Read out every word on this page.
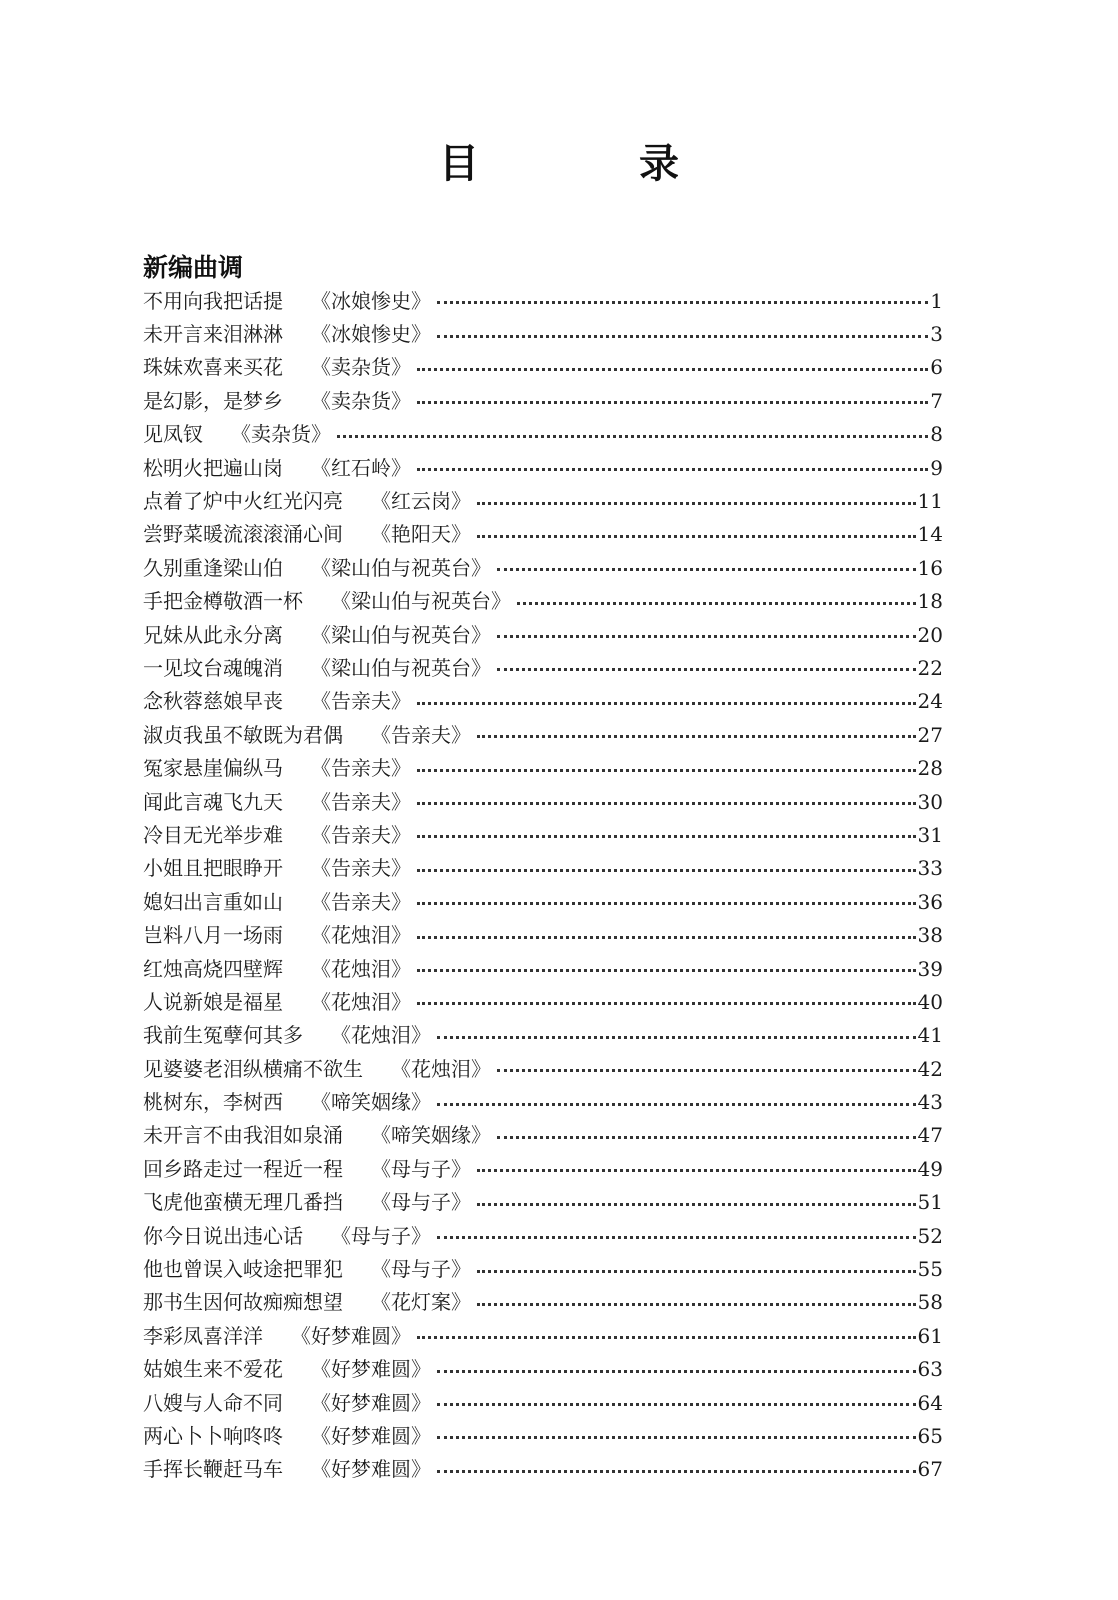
目　录
新编曲调
不用向我把话提 《冰娘惨史》	1
未开言来泪淋淋 《冰娘惨史》	3
珠妹欢喜来买花 《卖杂货》	6
是幻影，是梦乡 《卖杂货》	7
见凤钗 《卖杂货》	8
松明火把遍山岗 《红石岭》	9
点着了炉中火红光闪亮 《红云岗》	11
尝野菜暖流滚滚涌心间 《艳阳天》	14
久别重逢梁山伯 《梁山伯与祝英台》	16
手把金樽敬酒一杯 《梁山伯与祝英台》	18
兄妹从此永分离 《梁山伯与祝英台》	20
一见坟台魂魄消 《梁山伯与祝英台》	22
念秋蓉慈娘早丧 《告亲夫》	24
淑贞我虽不敏既为君偶 《告亲夫》	27
冤家悬崖偏纵马 《告亲夫》	28
闻此言魂飞九天 《告亲夫》	30
冷目无光举步难 《告亲夫》	31
小姐且把眼睁开 《告亲夫》	33
媳妇出言重如山 《告亲夫》	36
岂料八月一场雨 《花烛泪》	38
红烛高烧四壁辉 《花烛泪》	39
人说新娘是福星 《花烛泪》	40
我前生冤孽何其多 《花烛泪》	41
见婆婆老泪纵横痛不欲生 《花烛泪》	42
桃树东，李树西 《啼笑姻缘》	43
未开言不由我泪如泉涌 《啼笑姻缘》	47
回乡路走过一程近一程 《母与子》	49
飞虎他蛮横无理几番挡 《母与子》	51
你今日说出违心话 《母与子》	52
他也曾误入岐途把罪犯 《母与子》	55
那书生因何故痴痴想望 《花灯案》	58
李彩凤喜洋洋 《好梦难圆》	61
姑娘生来不爱花 《好梦难圆》	63
八嫂与人命不同 《好梦难圆》	64
两心卜卜响咚咚 《好梦难圆》	65
手挥长鞭赶马车 《好梦难圆》	67
